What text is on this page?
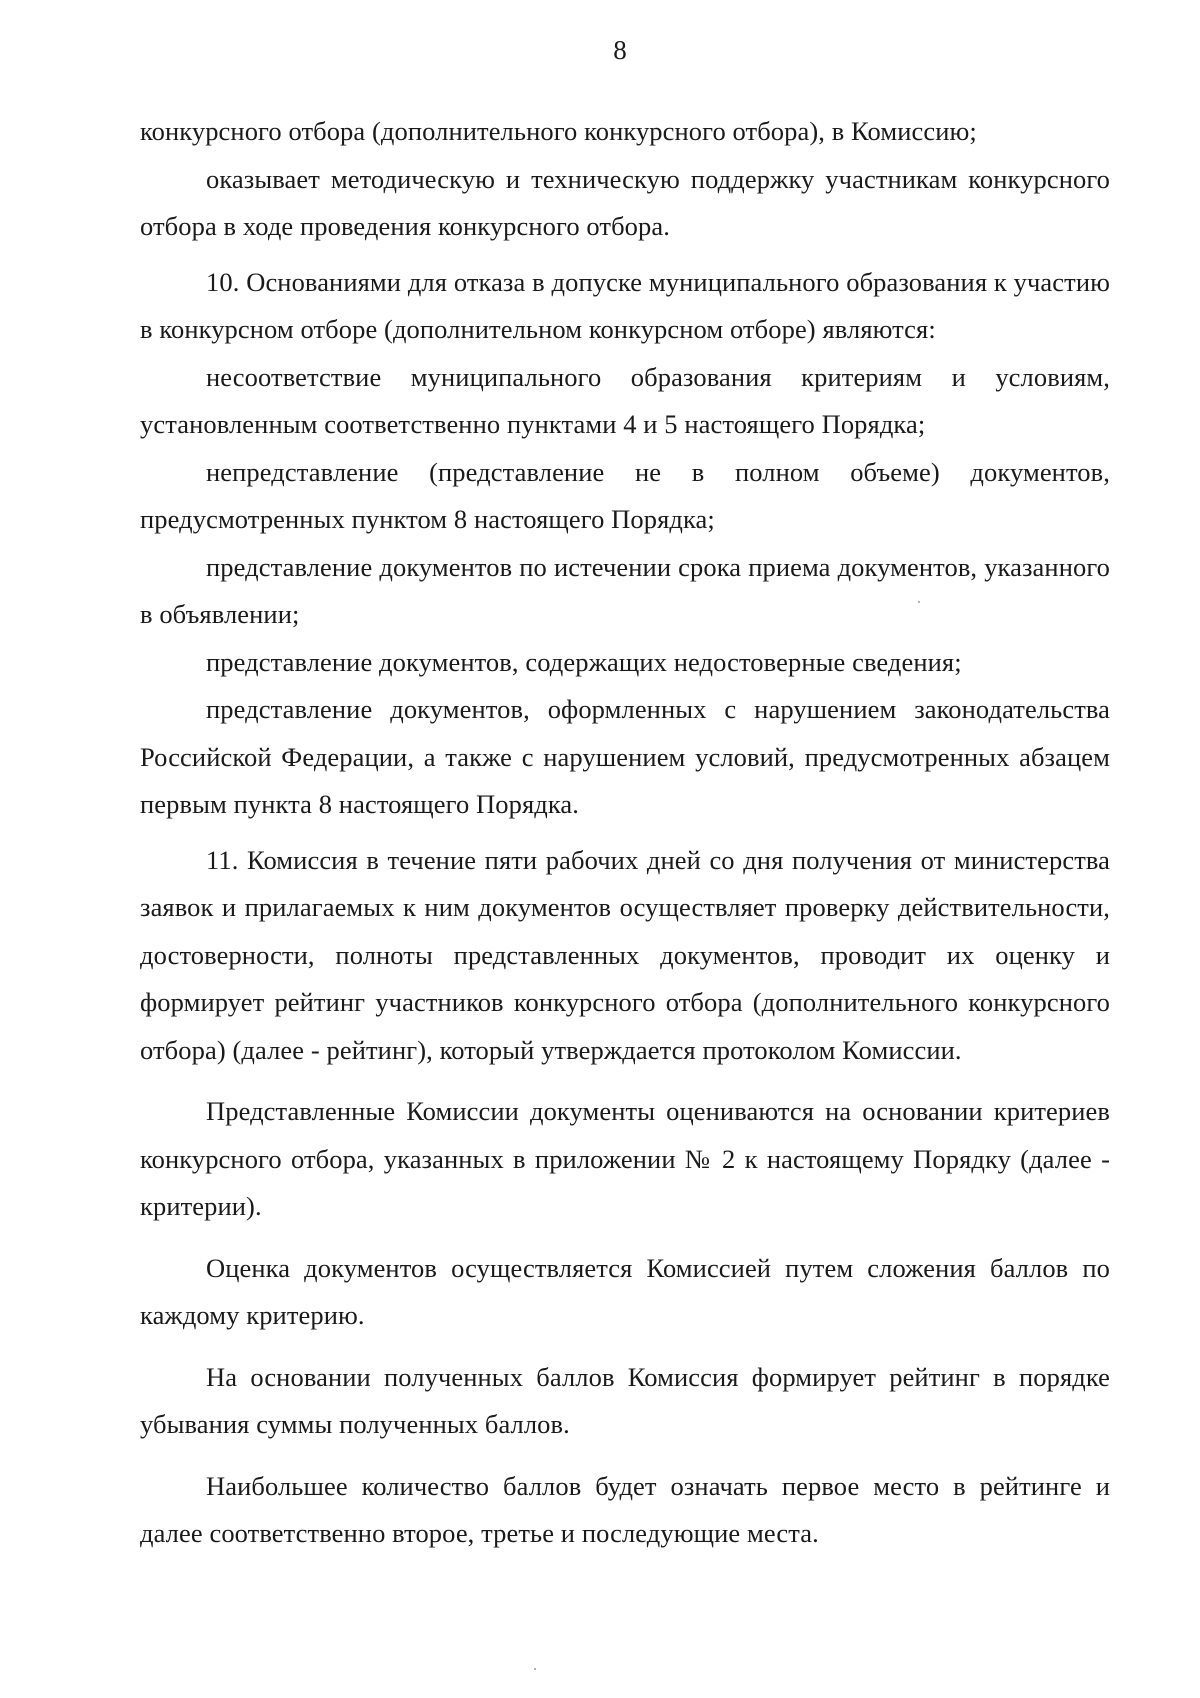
8

конкурсного отбора (дополнительного конкурсного отбора), в Комиссию;

оказывает методическую и техническую поддержку участникам конкурсного отбора в ходе проведения конкурсного отбора.

10. Основаниями для отказа в допуске муниципального образования к участию в конкурсном отборе (дополнительном конкурсном отборе) являются:

несоответствие муниципального образования критериям и условиям, установленным соответственно пунктами 4 и 5 настоящего Порядка;

непредставление (представление не в полном объеме) документов, предусмотренных пунктом 8 настоящего Порядка;

представление документов по истечении срока приема документов, указанного в объявлении;

представление документов, содержащих недостоверные сведения;

представление документов, оформленных с нарушением законодательства Российской Федерации, а также с нарушением условий, предусмотренных абзацем первым пункта 8 настоящего Порядка.

11. Комиссия в течение пяти рабочих дней со дня получения от министерства заявок и прилагаемых к ним документов осуществляет проверку действительности, достоверности, полноты представленных документов, проводит их оценку и формирует рейтинг участников конкурсного отбора (дополнительного конкурсного отбора) (далее - рейтинг), который утверждается протоколом Комиссии.

Представленные Комиссии документы оцениваются на основании критериев конкурсного отбора, указанных в приложении № 2 к настоящему Порядку (далее - критерии).

Оценка документов осуществляется Комиссией путем сложения баллов по каждому критерию.

На основании полученных баллов Комиссия формирует рейтинг в порядке убывания суммы полученных баллов.

Наибольшее количество баллов будет означать первое место в рейтинге и далее соответственно второе, третье и последующие места.
